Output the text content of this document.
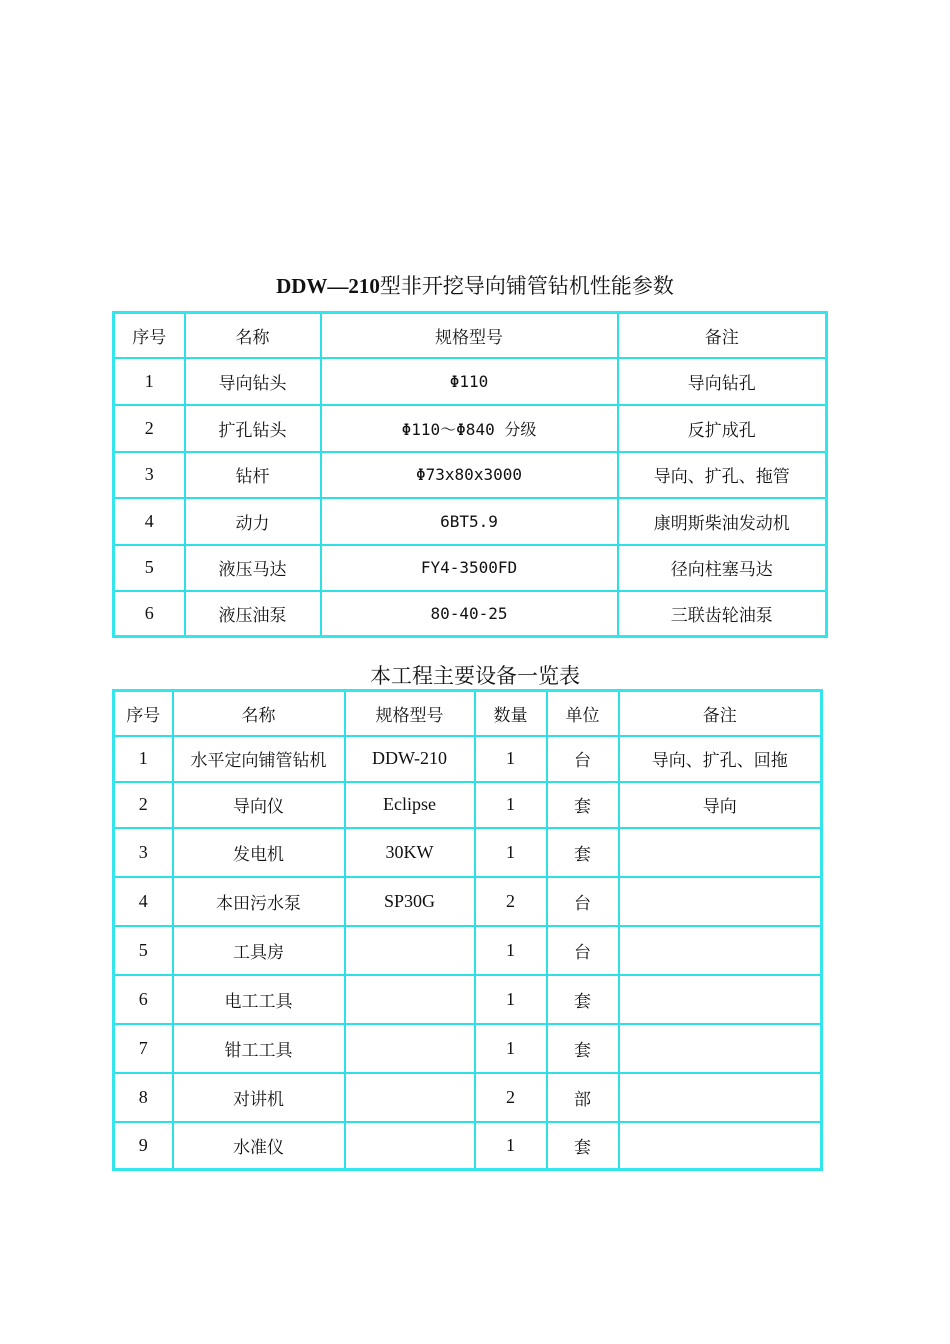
DDW—210型非开挖导向铺管钻机性能参数
序号	名称	规格型号	备注
1	导向钻头	Φ110	导向钻孔
2	扩孔钻头	Φ110～Φ840 分级	反扩成孔
3	钻杆	Φ73x80x3000	导向、扩孔、拖管
4	动力	6BT5.9	康明斯柴油发动机
5	液压马达	FY4-3500FD	径向柱塞马达
6	液压油泵	80-40-25	三联齿轮油泵
本工程主要设备一览表
序号	名称	规格型号	数量	单位	备注
1	水平定向铺管钻机	DDW-210	1	台	导向、扩孔、回拖
2	导向仪	Eclipse	1	套	导向
3	发电机	30KW	1	套	
4	本田污水泵	SP30G	2	台	
5	工具房		1	台	
6	电工工具		1	套	
7	钳工工具		1	套	
8	对讲机		2	部	
9	水准仪		1	套	
